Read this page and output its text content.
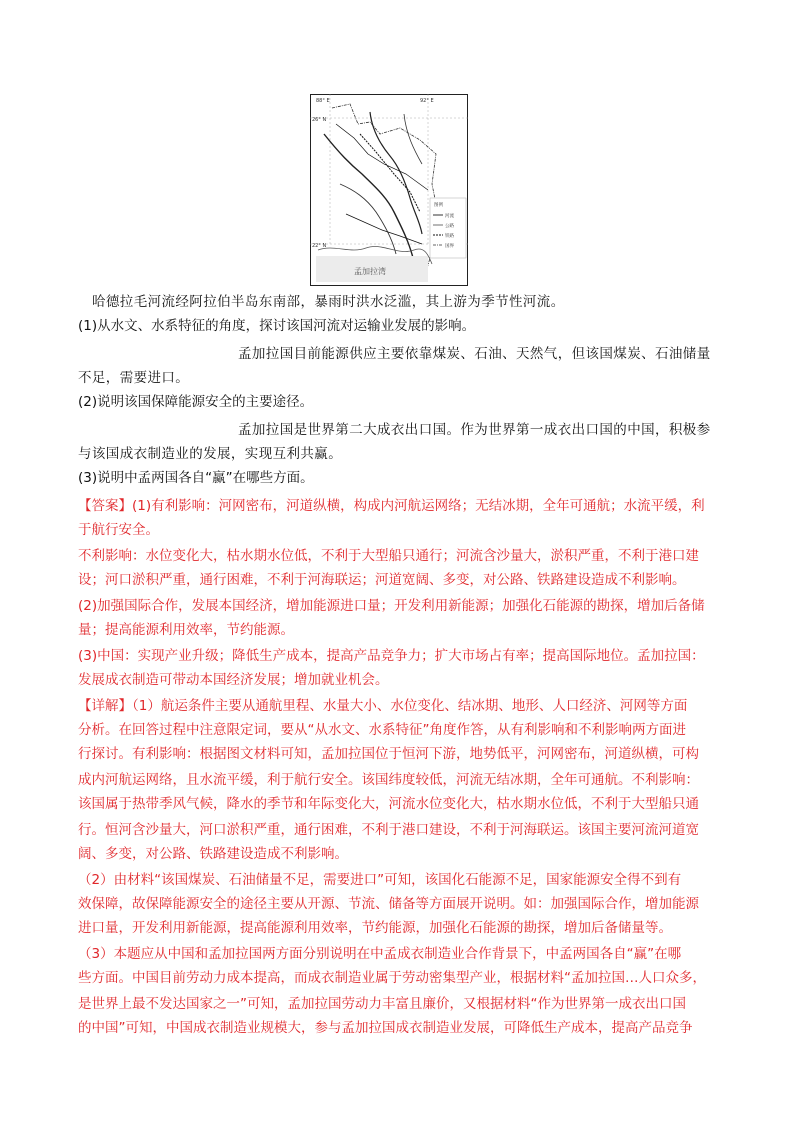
88° E	92° E
26° N
22° N
孟加拉湾
图例
河流
公路
铁路
国界
哈德拉毛河流经阿拉伯半岛东南部，暴雨时洪水泛滥，其上游为季节性河流。
(1)从水文、水系特征的角度，探讨该国河流对运输业发展的影响。
孟加拉国目前能源供应主要依靠煤炭、石油、天然气，但该国煤炭、石油储量
不足，需要进口。
(2)说明该国保障能源安全的主要途径。
孟加拉国是世界第二大成衣出口国。作为世界第一成衣出口国的中国，积极参
与该国成衣制造业的发展，实现互利共赢。
(3)说明中孟两国各自“赢”在哪些方面。
【答案】(1)有利影响：河网密布，河道纵横，构成内河航运网络；无结冰期，全年可通航；水流平缓，利
于航行安全。
不利影响：水位变化大，枯水期水位低，不利于大型船只通行；河流含沙量大，淤积严重，不利于港口建
设；河口淤积严重，通行困难，不利于河海联运；河道宽阔、多变，对公路、铁路建设造成不利影响。
(2)加强国际合作，发展本国经济，增加能源进口量；开发利用新能源；加强化石能源的勘探，增加后备储
量；提高能源利用效率，节约能源。
(3)中国：实现产业升级；降低生产成本，提高产品竞争力；扩大市场占有率；提高国际地位。孟加拉国：
发展成衣制造可带动本国经济发展；增加就业机会。
【详解】（1）航运条件主要从通航里程、水量大小、水位变化、结冰期、地形、人口经济、河网等方面
分析。在回答过程中注意限定词，要从“从水文、水系特征”角度作答，从有利影响和不利影响两方面进
行探讨。有利影响：根据图文材料可知，孟加拉国位于恒河下游，地势低平，河网密布，河道纵横，可构
成内河航运网络，且水流平缓，利于航行安全。该国纬度较低，河流无结冰期，全年可通航。不利影响：
该国属于热带季风气候，降水的季节和年际变化大，河流水位变化大，枯水期水位低，不利于大型船只通
行。恒河含沙量大，河口淤积严重，通行困难，不利于港口建设，不利于河海联运。该国主要河流河道宽
阔、多变，对公路、铁路建设造成不利影响。
（2）由材料“该国煤炭、石油储量不足，需要进口”可知，该国化石能源不足，国家能源安全得不到有
效保障，故保障能源安全的途径主要从开源、节流、储备等方面展开说明。如：加强国际合作，增加能源
进口量，开发利用新能源，提高能源利用效率，节约能源，加强化石能源的勘探，增加后备储量等。
（3）本题应从中国和孟加拉国两方面分别说明在中孟成衣制造业合作背景下，中孟两国各自“赢”在哪
些方面。中国目前劳动力成本提高，而成衣制造业属于劳动密集型产业，根据材料“孟加拉国…人口众多，
是世界上最不发达国家之一”可知，孟加拉国劳动力丰富且廉价，又根据材料“作为世界第一成衣出口国
的中国”可知，中国成衣制造业规模大，参与孟加拉国成衣制造业发展，可降低生产成本，提高产品竞争
